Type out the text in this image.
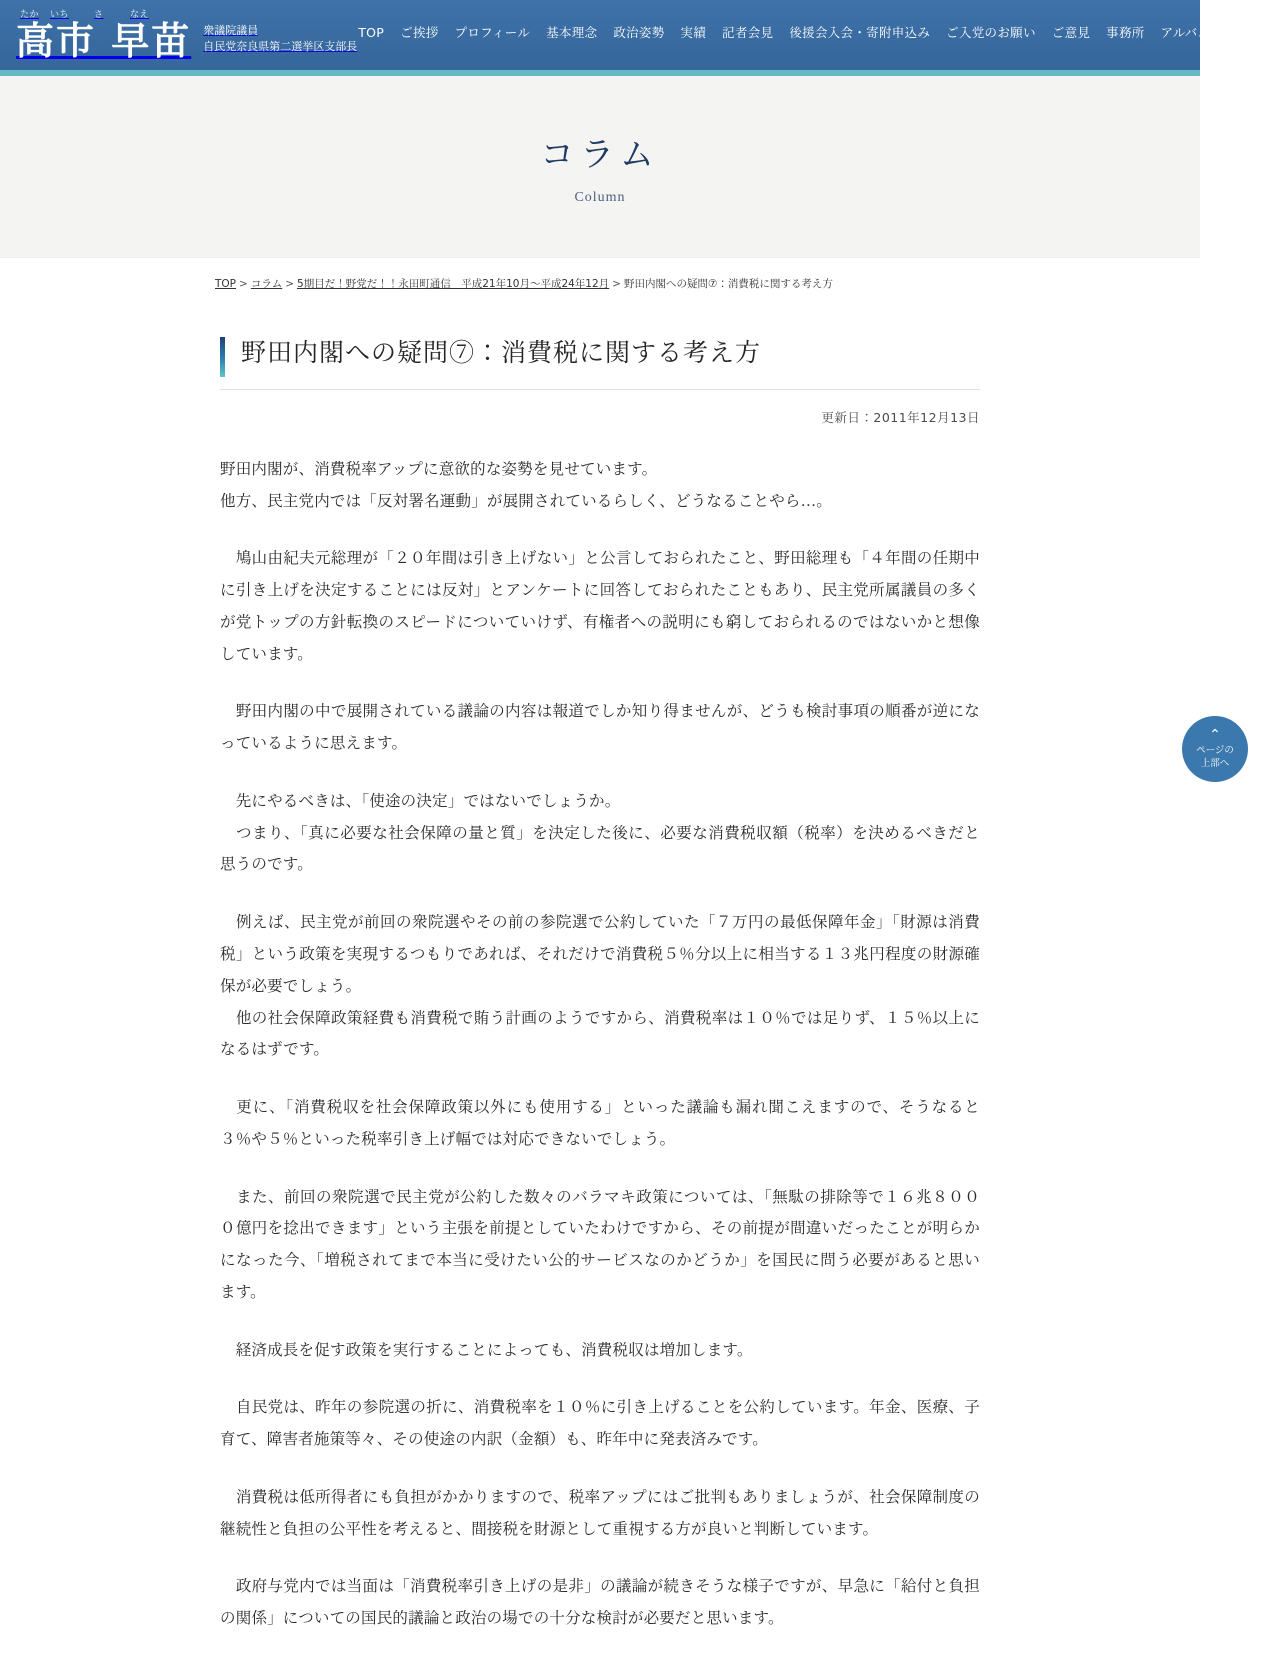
たか	いち	さ	なえ
高市 早苗 衆議院議員
自民党奈良県第二選挙区支部長
TOP ご挨拶 プロフィール 基本理念 政治姿勢 実績 記者会見 後援会入会・寄附申込み ご入党のお願い ご意見 事務所 アルバム コラム
コラム
Column
TOP > コラム > 5期目だ！野党だ！！永田町通信　平成21年10月～平成24年12月 > 野田内閣への疑問⑦：消費税に関する考え方
野田内閣への疑問⑦：消費税に関する考え方
更新日：2011年12月13日

野田内閣が、消費税率アップに意欲的な姿勢を見せています。
他方、民主党内では「反対署名運動」が展開されているらしく、どうなることやら…。

　鳩山由紀夫元総理が「２０年間は引き上げない」と公言しておられたこと、野田総理も「４年間の任期中に引き上げを決定することには反対」とアンケートに回答しておられたこともあり、民主党所属議員の多くが党トップの方針転換のスピードについていけず、有権者への説明にも窮しておられるのではないかと想像しています。

　野田内閣の中で展開されている議論の内容は報道でしか知り得ませんが、どうも検討事項の順番が逆になっているように思えます。

　先にやるべきは、「使途の決定」ではないでしょうか。
　つまり、「真に必要な社会保障の量と質」を決定した後に、必要な消費税収額（税率）を決めるべきだと思うのです。

　例えば、民主党が前回の衆院選やその前の参院選で公約していた「７万円の最低保障年金」「財源は消費税」という政策を実現するつもりであれば、それだけで消費税５％分以上に相当する１３兆円程度の財源確保が必要でしょう。
　他の社会保障政策経費も消費税で賄う計画のようですから、消費税率は１０％では足りず、１５％以上になるはずです。

　更に、「消費税収を社会保障政策以外にも使用する」といった議論も漏れ聞こえますので、そうなると３％や５％といった税率引き上げ幅では対応できないでしょう。

　また、前回の衆院選で民主党が公約した数々のバラマキ政策については、「無駄の排除等で１６兆８０００億円を捻出できます」という主張を前提としていたわけですから、その前提が間違いだったことが明らかになった今、「増税されてまで本当に受けたい公的サービスなのかどうか」を国民に問う必要があると思います。

　経済成長を促す政策を実行することによっても、消費税収は増加します。

　自民党は、昨年の参院選の折に、消費税率を１０％に引き上げることを公約しています。年金、医療、子育て、障害者施策等々、その使途の内訳（金額）も、昨年中に発表済みです。

　消費税は低所得者にも負担がかかりますので、税率アップにはご批判もありましょうが、社会保障制度の継続性と負担の公平性を考えると、間接税を財源として重視する方が良いと判断しています。

　政府与党内では当面は「消費税率引き上げの是非」の議論が続きそうな様子ですが、早急に「給付と負担の関係」についての国民的議論と政治の場での十分な検討が必要だと思います。

⌃
ページの
上部へ
